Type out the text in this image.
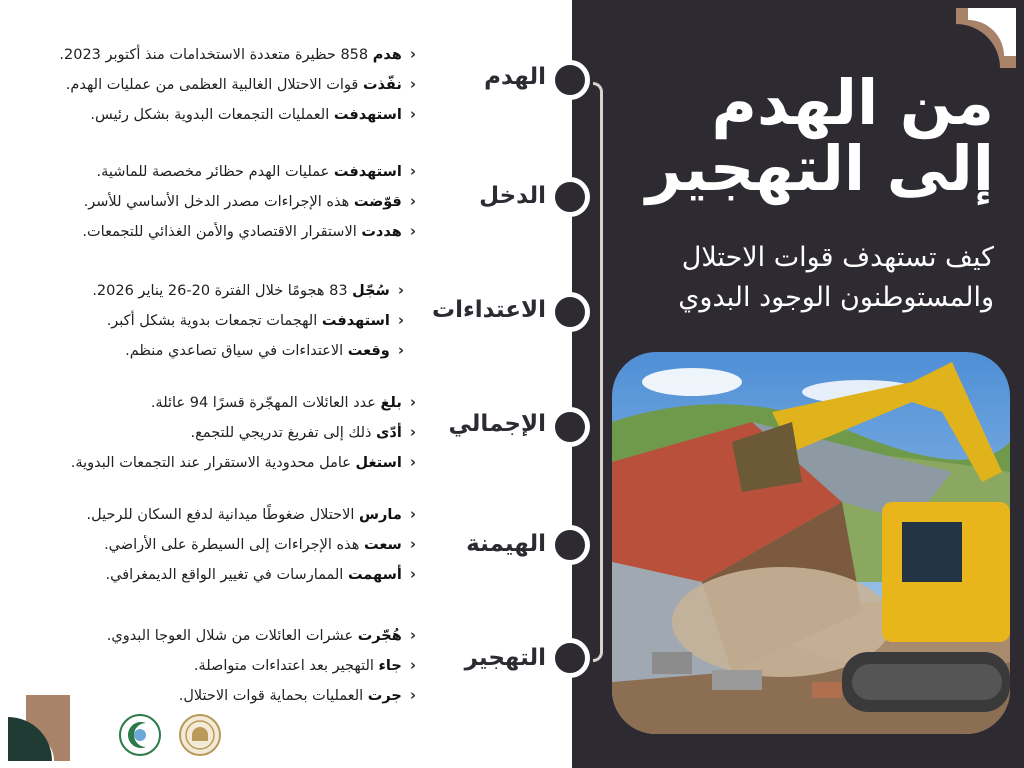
من الهدم
إلى التهجير
كيف تستهدف قوات الاحتلال
والمستوطنون الوجود البدوي
الهدم
‹هدم 858 حظيرة متعددة الاستخدامات منذ أكتوبر 2023.
‹نفّذت قوات الاحتلال الغالبية العظمى من عمليات الهدم.
‹استهدفت العمليات التجمعات البدوية بشكل رئيس.
الدخل
‹استهدفت عمليات الهدم حظائر مخصصة للماشية.
‹قوّضت هذه الإجراءات مصدر الدخل الأساسي للأسر.
‹هددت الاستقرار الاقتصادي والأمن الغذائي للتجمعات.
الاعتداءات
‹سُجّل 83 هجومًا خلال الفترة 20-26 يناير 2026.
‹استهدفت الهجمات تجمعات بدوية بشكل أكبر.
‹وقعت الاعتداءات في سياق تصاعدي منظم.
الإجمالي
‹بلغ عدد العائلات المهجّرة قسرًا 94 عائلة.
‹أدّى ذلك إلى تفريغ تدريجي للتجمع.
‹استغل عامل محدودية الاستقرار عند التجمعات البدوية.
الهيمنة
‹مارس الاحتلال ضغوطًا ميدانية لدفع السكان للرحيل.
‹سعت هذه الإجراءات إلى السيطرة على الأراضي.
‹أسهمت الممارسات في تغيير الواقع الديمغرافي.
التهجير
‹هُجّرت عشرات العائلات من شلال العوجا البدوي.
‹جاء التهجير بعد اعتداءات متواصلة.
‹جرت العمليات بحماية قوات الاحتلال.
